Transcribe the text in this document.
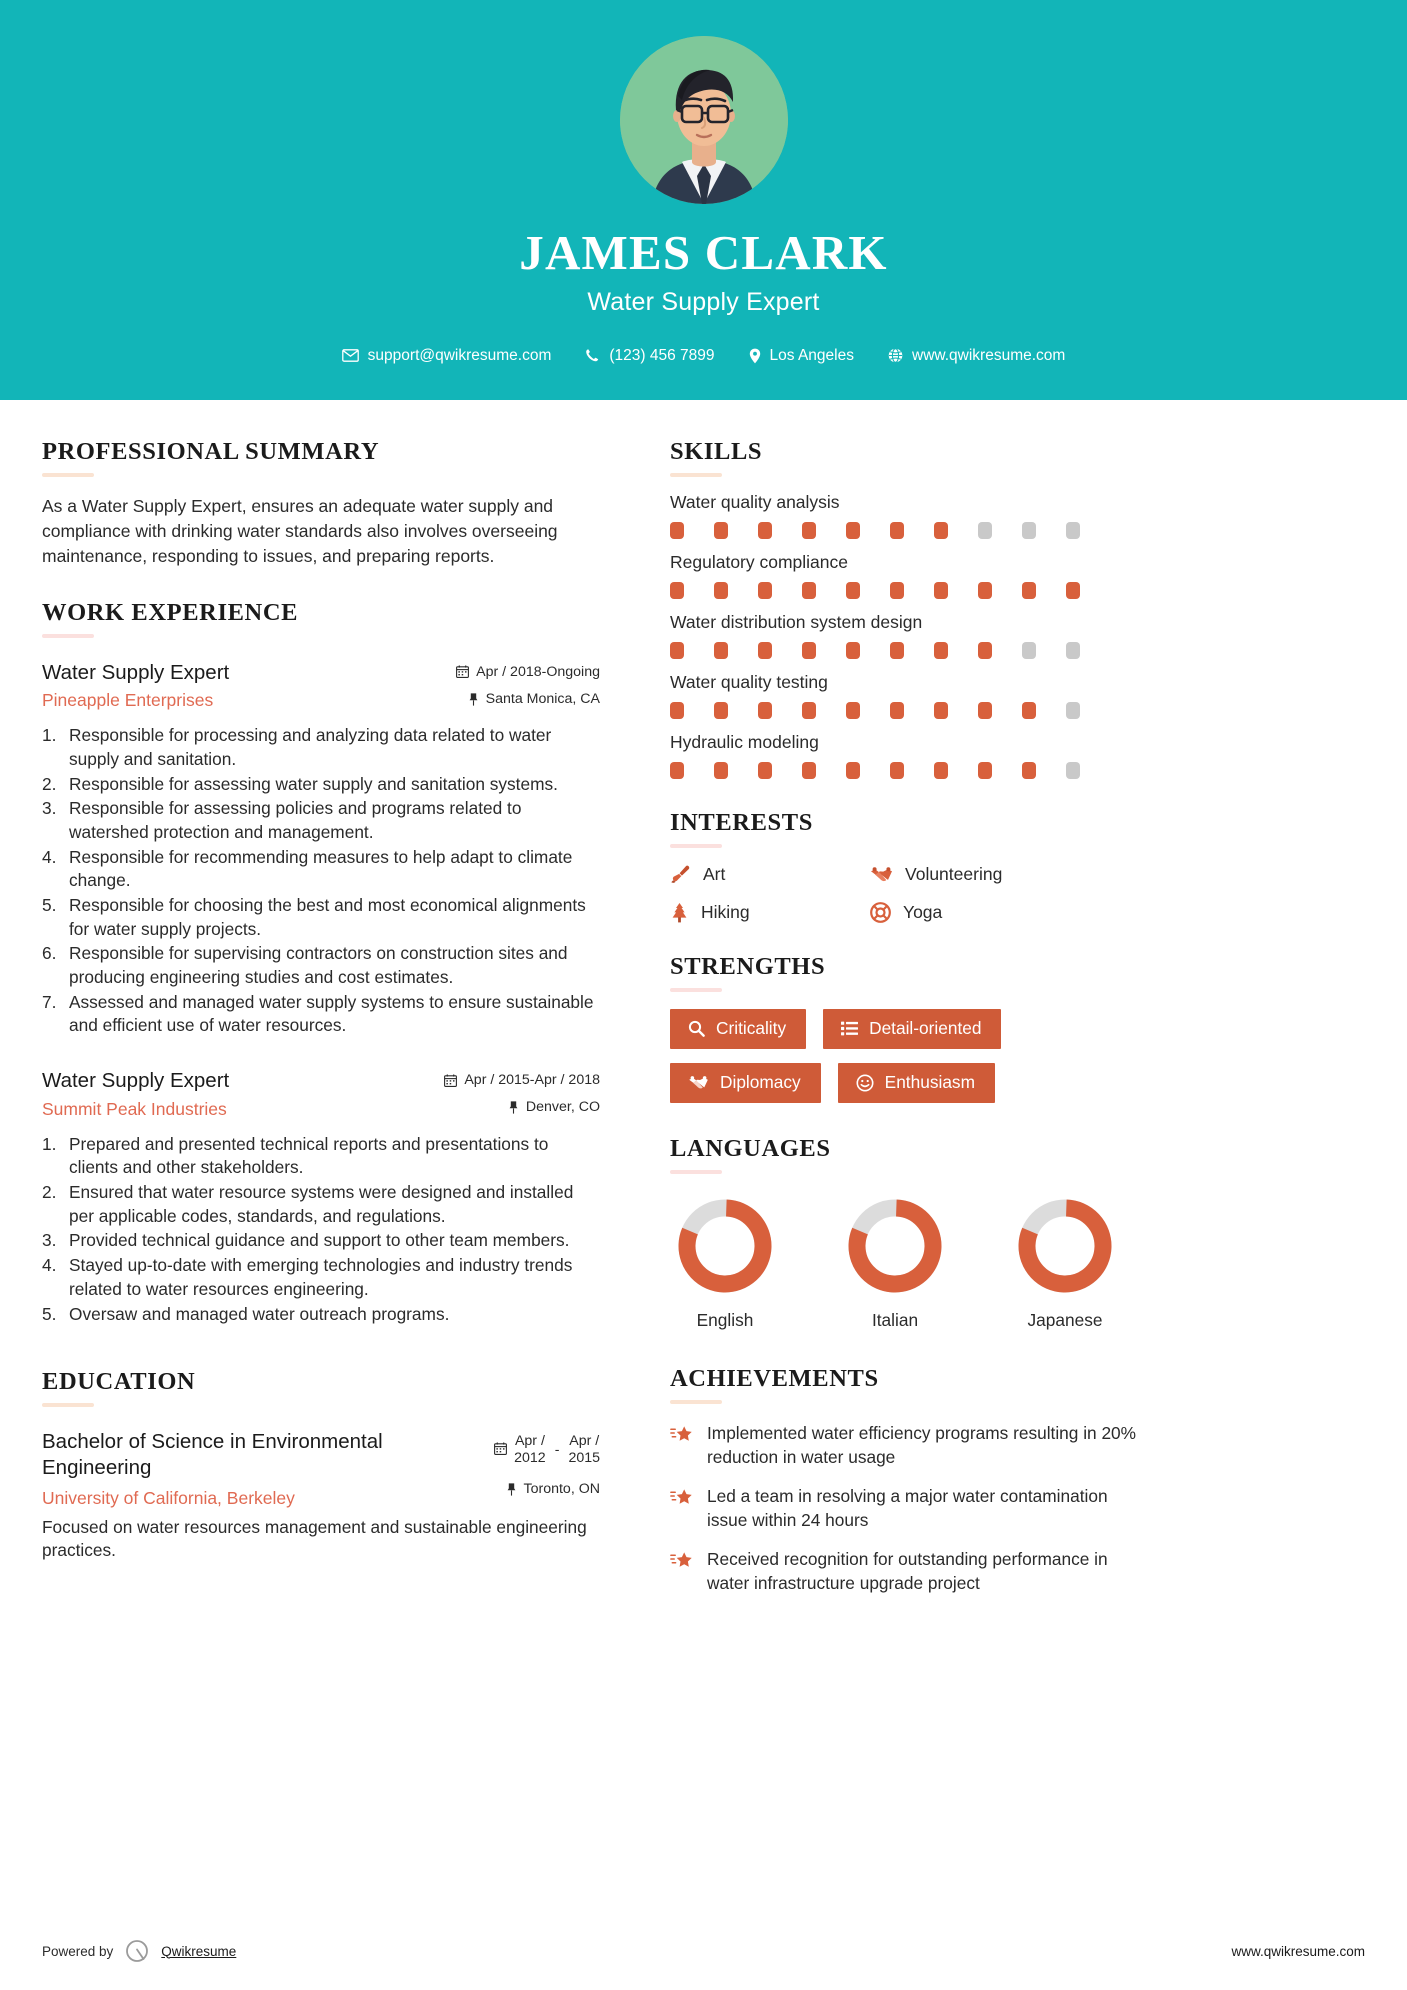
JAMES CLARK
Water Supply Expert
support@qwikresume.com	(123) 456 7899	Los Angeles	www.qwikresume.com
PROFESSIONAL SUMMARY
As a Water Supply Expert, ensures an adequate water supply and compliance with drinking water standards also involves overseeing maintenance, responding to issues, and preparing reports.
WORK EXPERIENCE
Water Supply Expert
Pineapple Enterprises
Apr / 2018-Ongoing
Santa Monica, CA
Responsible for processing and analyzing data related to water supply and sanitation.
Responsible for assessing water supply and sanitation systems.
Responsible for assessing policies and programs related to watershed protection and management.
Responsible for recommending measures to help adapt to climate change.
Responsible for choosing the best and most economical alignments for water supply projects.
Responsible for supervising contractors on construction sites and producing engineering studies and cost estimates.
Assessed and managed water supply systems to ensure sustainable and efficient use of water resources.
Water Supply Expert
Summit Peak Industries
Apr / 2015-Apr / 2018
Denver, CO
Prepared and presented technical reports and presentations to clients and other stakeholders.
Ensured that water resource systems were designed and installed per applicable codes, standards, and regulations.
Provided technical guidance and support to other team members.
Stayed up-to-date with emerging technologies and industry trends related to water resources engineering.
Oversaw and managed water outreach programs.
EDUCATION
Bachelor of Science in Environmental Engineering
University of California, Berkeley
Apr /
2012 -
Apr /
2015
Toronto, ON
Focused on water resources management and sustainable engineering practices.
SKILLS
Water quality analysis
Regulatory compliance
Water distribution system design
Water quality testing
Hydraulic modeling
INTERESTS
Art	Volunteering
Hiking	Yoga
STRENGTHS
Criticality	Detail-oriented
Diplomacy	Enthusiasm
LANGUAGES
English	Italian	Japanese
ACHIEVEMENTS
Implemented water efficiency programs resulting in 20% reduction in water usage
Led a team in resolving a major water contamination issue within 24 hours
Received recognition for outstanding performance in water infrastructure upgrade project
Powered by	Qwikresume	www.qwikresume.com
